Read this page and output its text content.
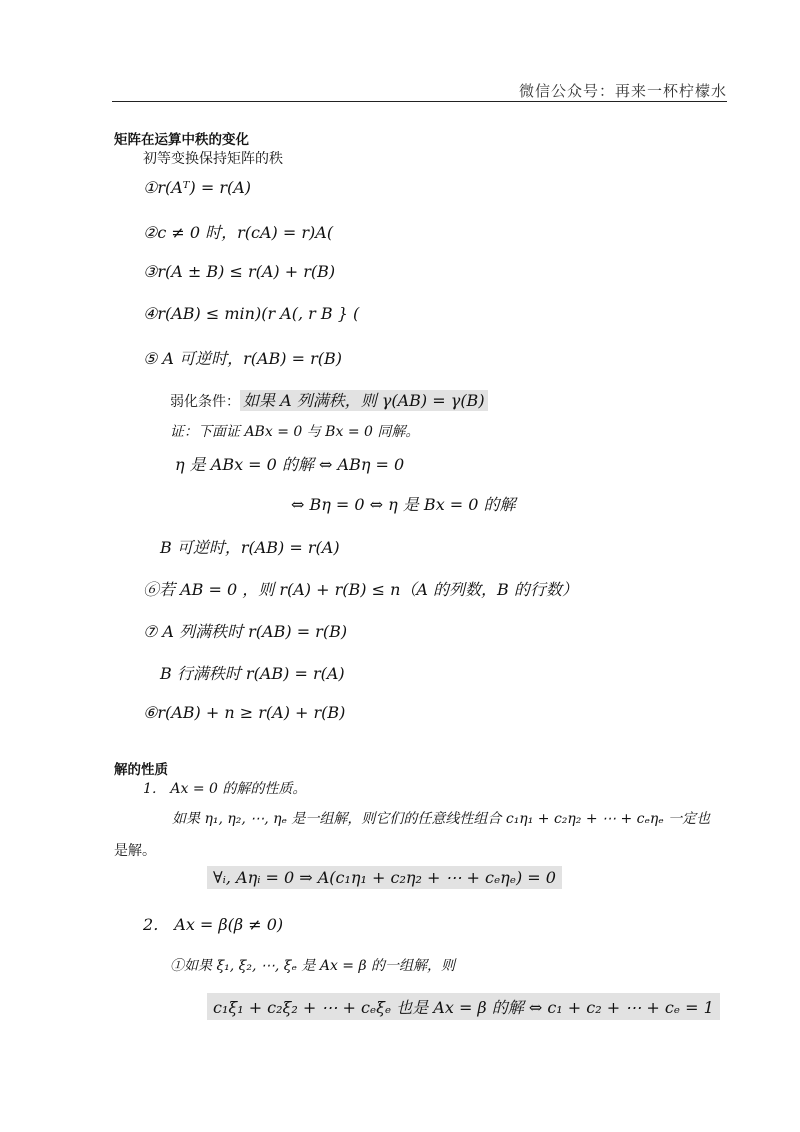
微信公众号：再来一杯柠檬水
矩阵在运算中秩的变化
初等变换保持矩阵的秩
①r(Aᵀ) = r(A)
②c ≠ 0 时，r(cA) = r)A(
③r(A ± B) ≤ r(A) + r(B)
④r(AB) ≤ min)(r A(, r B } (
⑤ A 可逆时，r(AB) = r(B)
弱化条件： 如果 A 列满秩，则 γ(AB) = γ(B)
证：下面证 ABx = 0 与 Bx = 0 同解。
η 是 ABx = 0 的解 ⇔ ABη = 0
⇔ Bη = 0 ⇔ η 是 Bx = 0 的解
B 可逆时，r(AB) = r(A)
⑥若 AB = 0 ，则 r(A) + r(B) ≤ n（A 的列数，B 的行数）
⑦ A 列满秩时 r(AB) = r(B)
B 行满秩时 r(AB) = r(A)
⑥r(AB) + n ≥ r(A) + r(B)
解的性质
1． Ax = 0 的解的性质。
如果 η₁, η₂, ⋯, ηₑ 是一组解，则它们的任意线性组合 c₁η₁ + c₂η₂ + ⋯ + cₑηₑ 一定也
是解。
∀ᵢ, Aηᵢ = 0 ⇒ A(c₁η₁ + c₂η₂ + ⋯ + cₑηₑ) = 0
2． Ax = β(β ≠ 0)
①如果 ξ₁, ξ₂, ⋯, ξₑ 是 Ax = β 的一组解，则
c₁ξ₁ + c₂ξ₂ + ⋯ + cₑξₑ 也是 Ax = β 的解 ⇔ c₁ + c₂ + ⋯ + cₑ = 1
